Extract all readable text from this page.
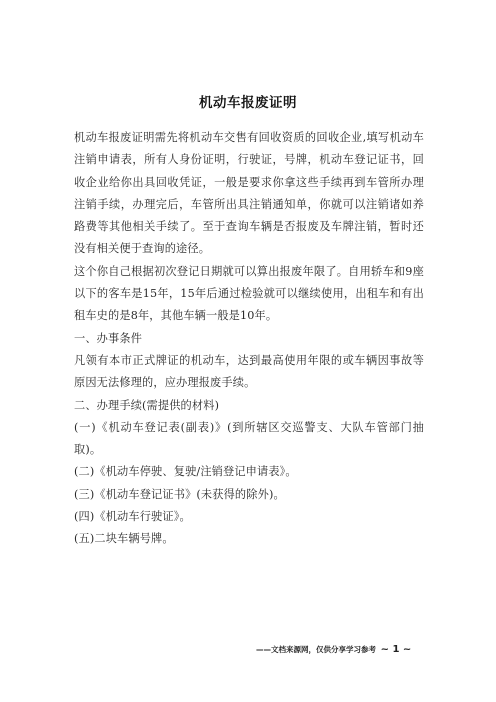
机动车报废证明

机动车报废证明需先将机动车交售有回收资质的回收企业,填写机动车注销申请表，所有人身份证明，行驶证，号牌，机动车登记证书，回收企业给你出具回收凭证，一般是要求你拿这些手续再到车管所办理注销手续，办理完后，车管所出具注销通知单，你就可以注销诸如养路费等其他相关手续了。至于查询车辆是否报废及车牌注销，暂时还没有相关便于查询的途径。

这个你自己根据初次登记日期就可以算出报废年限了。自用轿车和9座以下的客车是15年，15年后通过检验就可以继续使用，出租车和有出租车史的是8年，其他车辆一般是10年。

一、办事条件

凡领有本市正式牌证的机动车，达到最高使用年限的或车辆因事故等原因无法修理的，应办理报废手续。

二、办理手续(需提供的材料)

(一)《机动车登记表(副表)》(到所辖区交巡警支、大队车管部门抽取)。

(二)《机动车停驶、复驶/注销登记申请表》。

(三)《机动车登记证书》(未获得的除外)。

(四)《机动车行驶证》。

(五)二块车辆号牌。

——文档来源网，仅供分享学习参考 ~ 1 ~
